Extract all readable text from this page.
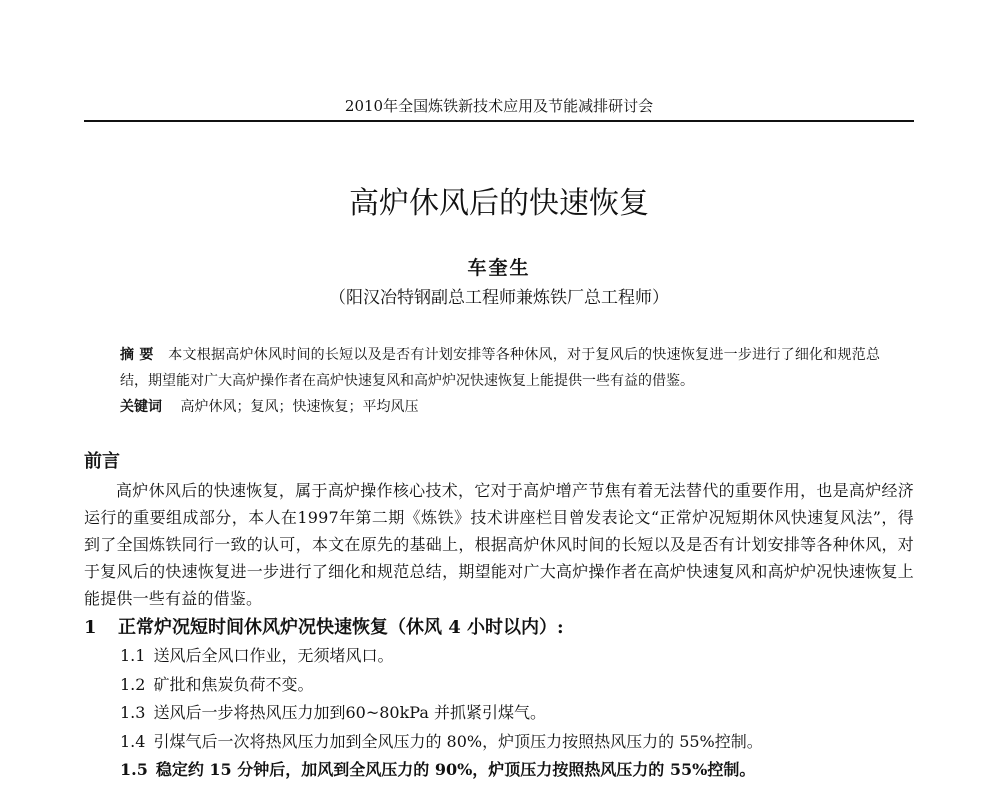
2010年全国炼铁新技术应用及节能减排研讨会
高炉休风后的快速恢复
车奎生
（阳汉冶特钢副总工程师兼炼铁厂总工程师）
摘 要 本文根据高炉休风时间的长短以及是否有计划安排等各种休风，对于复风后的快速恢复进一步进行了细化和规范总结，期望能对广大高炉操作者在高炉快速复风和高炉炉况快速恢复上能提供一些有益的借鉴。
关键词 高炉休风；复风；快速恢复；平均风压
前言
高炉休风后的快速恢复，属于高炉操作核心技术，它对于高炉增产节焦有着无法替代的重要作用，也是高炉经济运行的重要组成部分，本人在1997年第二期《炼铁》技术讲座栏目曾发表论文“正常炉况短期休风快速复风法”，得到了全国炼铁同行一致的认可，本文在原先的基础上，根据高炉休风时间的长短以及是否有计划安排等各种休风，对于复风后的快速恢复进一步进行了细化和规范总结，期望能对广大高炉操作者在高炉快速复风和高炉炉况快速恢复上能提供一些有益的借鉴。
1 正常炉况短时间休风炉况快速恢复（休风 4 小时以内）:
1.1 送风后全风口作业，无须堵风口。
1.2 矿批和焦炭负荷不变。
1.3 送风后一步将热风压力加到60~80kPa 并抓紧引煤气。
1.4 引煤气后一次将热风压力加到全风压力的 80%，炉顶压力按照热风压力的 55%控制。
1.5 稳定约 15 分钟后，加风到全风压力的 90%，炉顶压力按照热风压力的 55%控制。
